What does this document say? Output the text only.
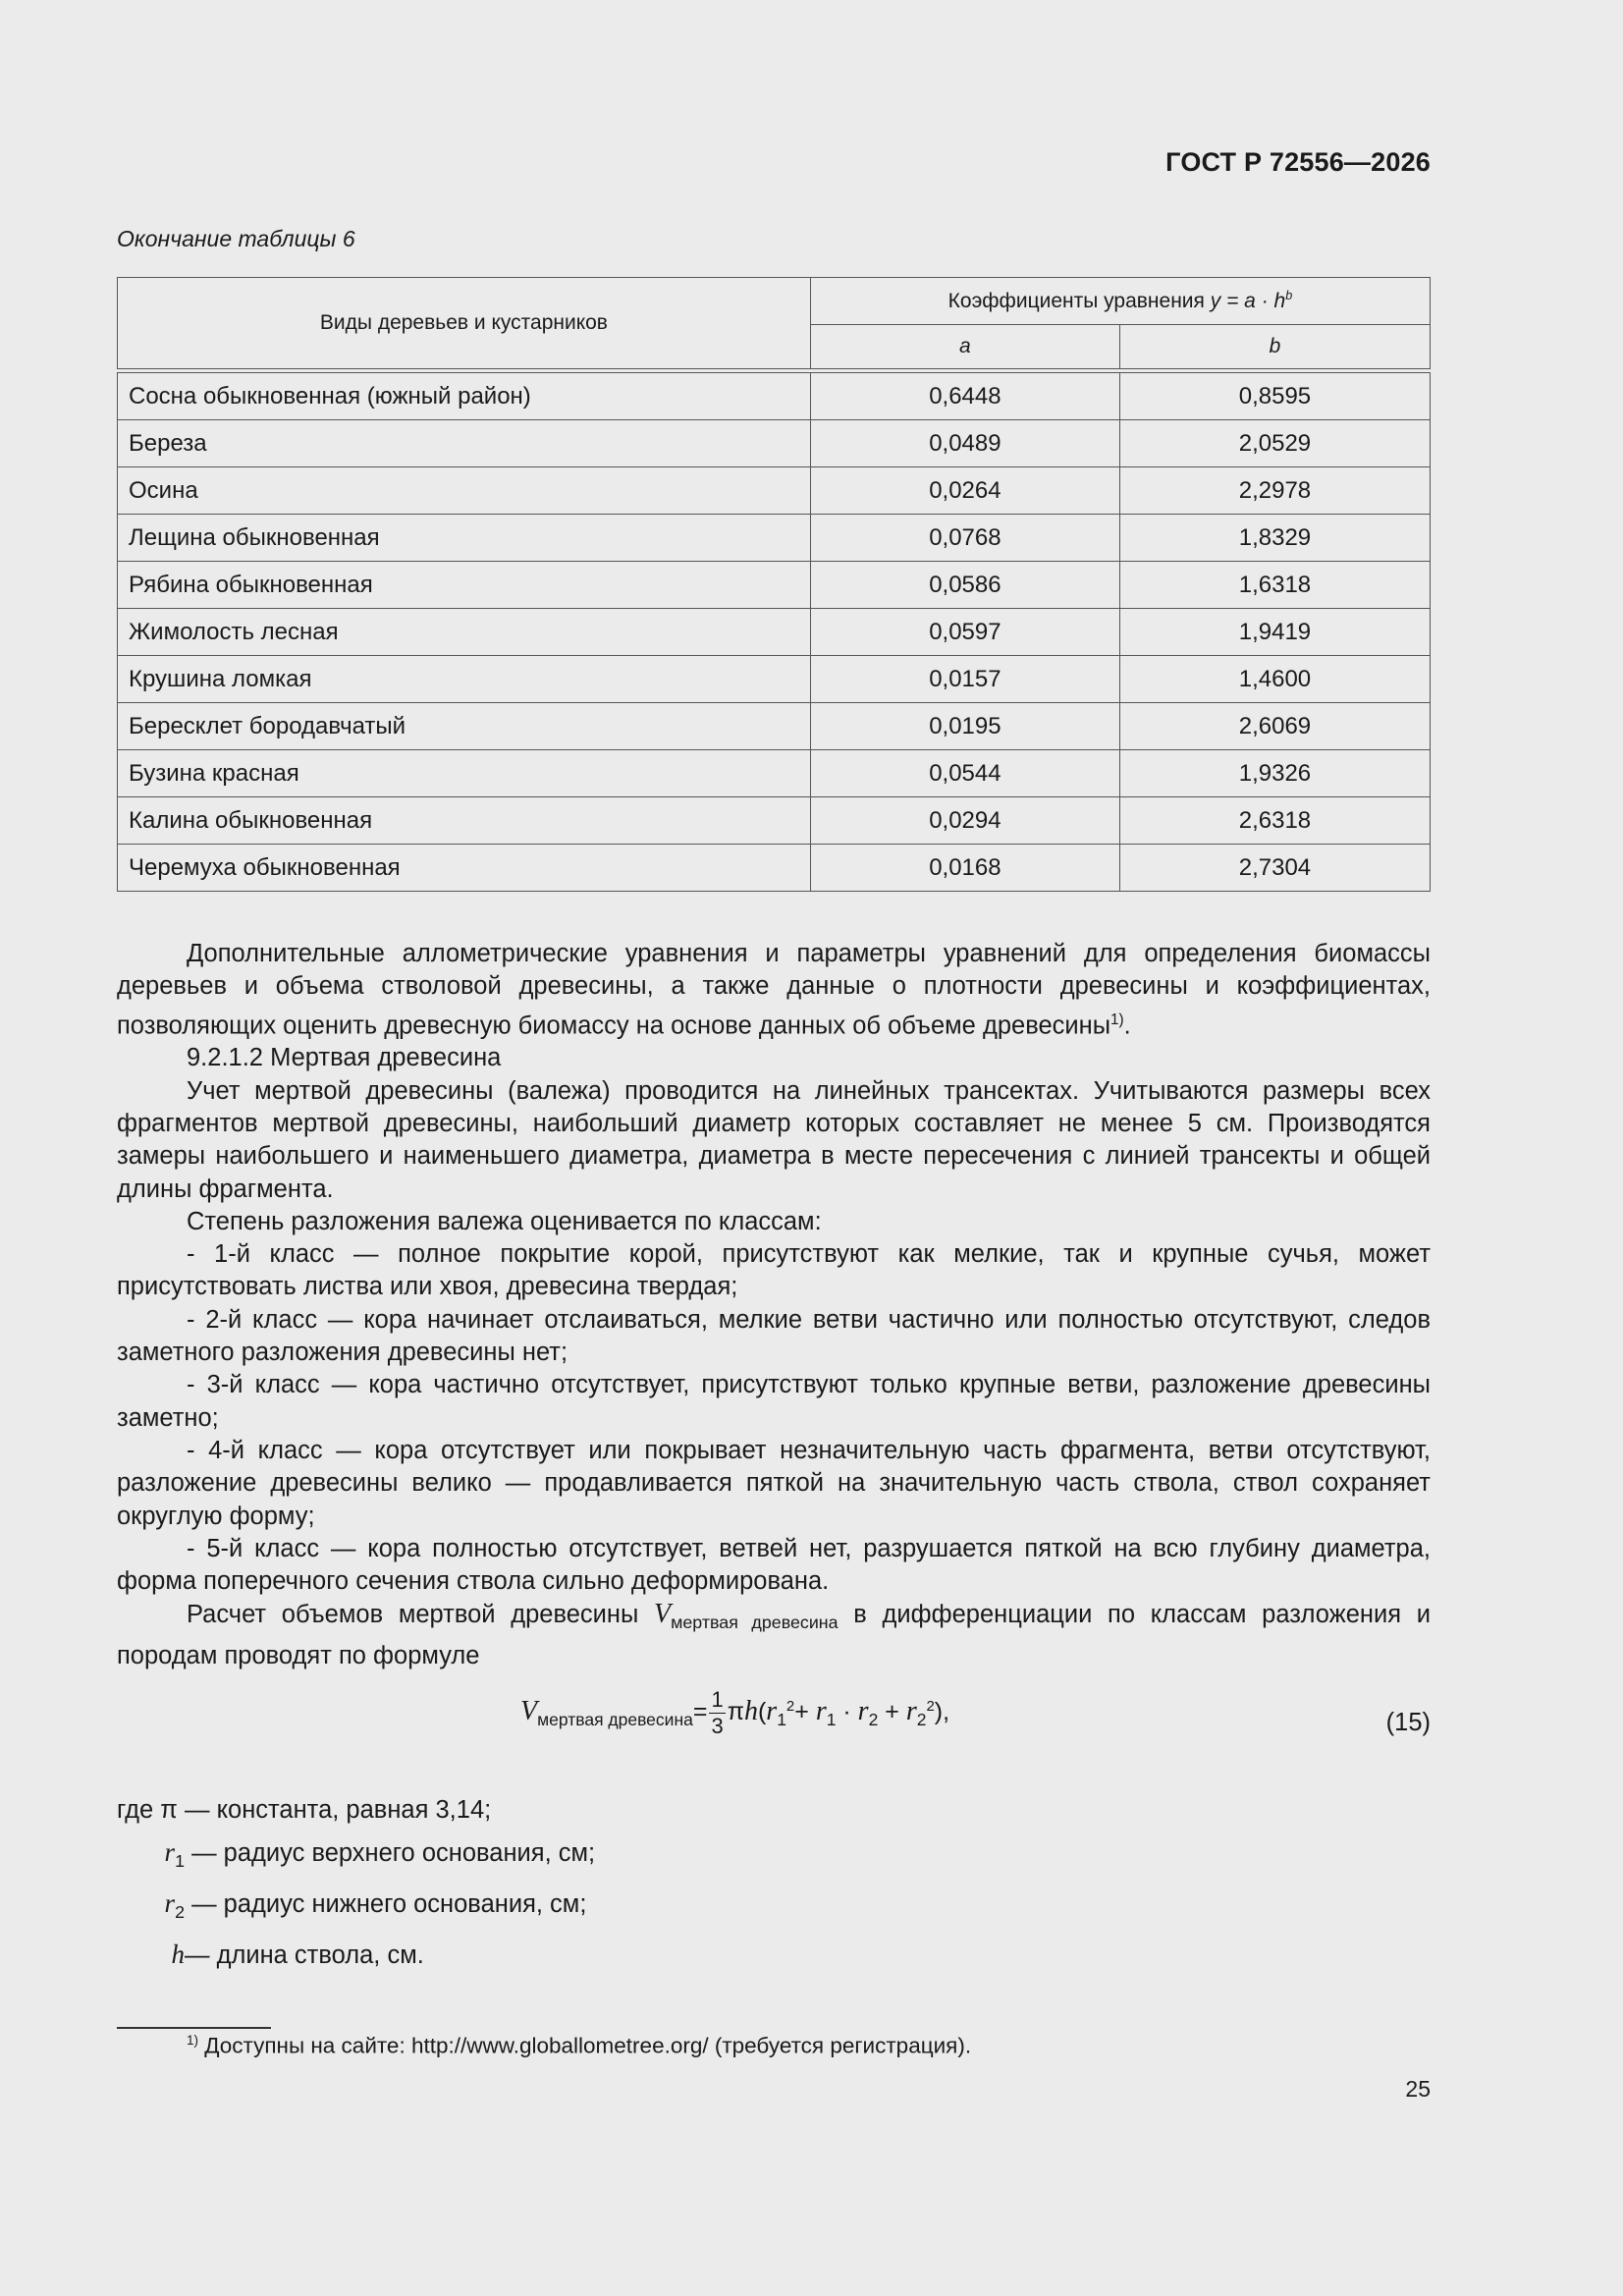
ГОСТ Р 72556—2026
Окончание таблицы 6
Виды деревьев и кустарников	Коэффициенты уравнения $y = a \cdot h^b$
	a	b

Сосна обыкновенная (южный район)	0,6448	0,8595
Береза	0,0489	2,0529
Осина	0,0264	2,2978
Лещина обыкновенная	0,0768	1,8329
Рябина обыкновенная	0,0586	1,6318
Жимолость лесная	0,0597	1,9419
Крушина ломкая	0,0157	1,4600
Бересклет бородавчатый	0,0195	2,6069
Бузина красная	0,0544	1,9326
Калина обыкновенная	0,0294	2,6318
Черемуха обыкновенная	0,0168	2,7304

Дополнительные аллометрические уравнения и параметры уравнений для определения биомассы деревьев и объема стволовой древесины, а также данные о плотности древесины и коэффициентах, позволяющих оценить древесную биомассу на основе данных об объеме древесины$^{1)}$.

9.2.1.2 Мертвая древесина

Учет мертвой древесины (валежа) проводится на линейных трансектах. Учитываются размеры всех фрагментов мертвой древесины, наибольший диаметр которых составляет не менее 5 см. Производятся замеры наибольшего и наименьшего диаметра, диаметра в месте пересечения с линией трансекты и общей длины фрагмента.

Степень разложения валежа оценивается по классам:

- 1-й класс — полное покрытие корой, присутствуют как мелкие, так и крупные сучья, может присутствовать листва или хвоя, древесина твердая;

- 2-й класс — кора начинает отслаиваться, мелкие ветви частично или полностью отсутствуют, следов заметного разложения древесины нет;

- 3-й класс — кора частично отсутствует, присутствуют только крупные ветви, разложение древесины заметно;

- 4-й класс — кора отсутствует или покрывает незначительную часть фрагмента, ветви отсутствуют, разложение древесины велико — продавливается пяткой на значительную часть ствола, ствол сохраняет округлую форму;

- 5-й класс — кора полностью отсутствует, ветвей нет, разрушается пяткой на всю глубину диаметра, форма поперечного сечения ствола сильно деформирована.

Расчет объемов мертвой древесины $V_{мертвая древесина}$ в дифференциации по классам разложения и породам проводят по формуле

$V_{мертвая древесина}= \frac{1}{3} \pi h(r_1^2+ r_1 \cdot r_2 + r_2^2)$,	(15)
где π — константа, равная 3,14;
$r_1$ — радиус верхнего основания, см;
$r_2$ — радиус нижнего основания, см;
h— длина ствола, см.
$^{1)}$ Доступны на сайте: http://www.globallometree.org/ (требуется регистрация).
25
